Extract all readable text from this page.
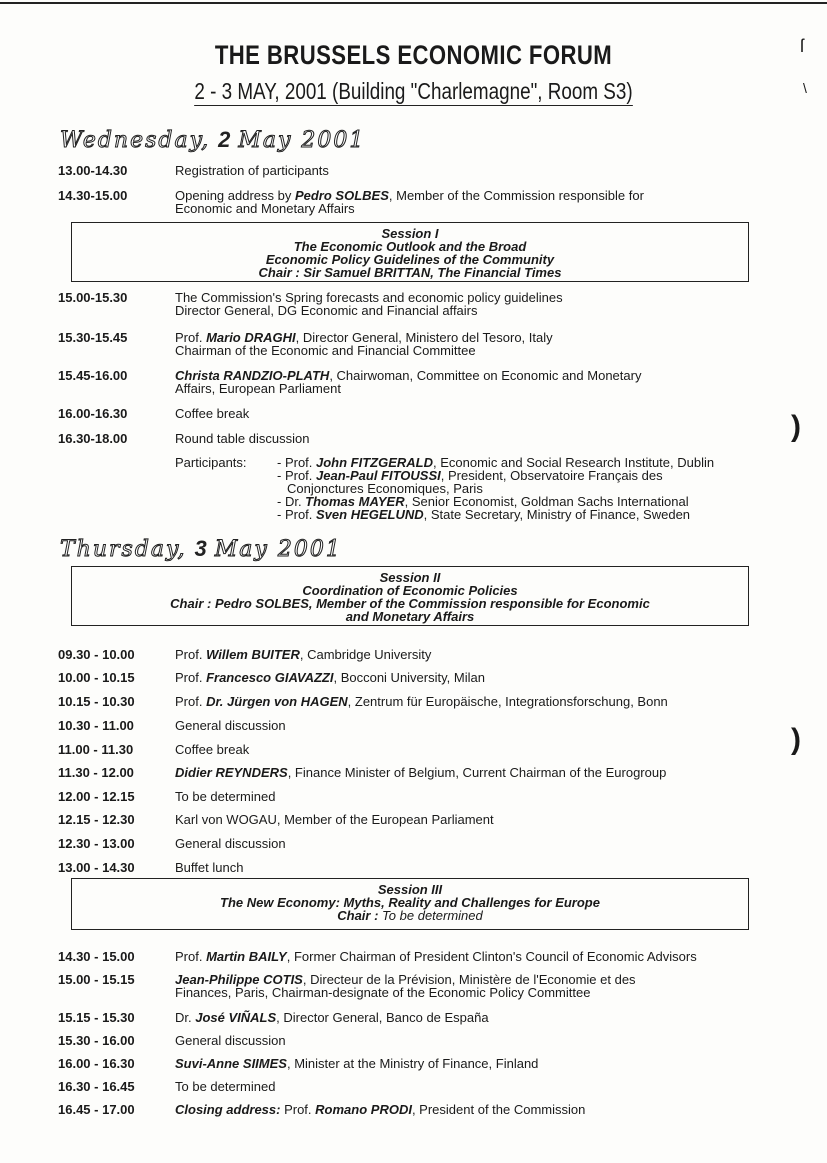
ſ
\
THE BRUSSELS ECONOMIC FORUM
2 - 3 MAY, 2001 (Building "Charlemagne", Room S3)
Wednesday, 2 May 2001
13.00-14.30	Registration of participants
14.30-15.00	Opening address by Pedro SOLBES, Member of the Commission responsible for
Economic and Monetary Affairs
Session I
The Economic Outlook and the Broad
Economic Policy Guidelines of the Community
Chair : Sir Samuel BRITTAN, The Financial Times
15.00-15.30	The Commission's Spring forecasts and economic policy guidelines
Director General, DG Economic and Financial affairs
15.30-15.45	Prof. Mario DRAGHI, Director General, Ministero del Tesoro, Italy
Chairman of the Economic and Financial Committee
15.45-16.00	Christa RANDZIO-PLATH, Chairwoman, Committee on Economic and Monetary
Affairs, European Parliament
16.00-16.30	Coffee break
16.30-18.00	Round table discussion	)
Participants: - Prof. John FITZGERALD, Economic and Social Research Institute, Dublin
- Prof. Jean-Paul FITOUSSI, President, Observatoire Français des
Conjonctures Economiques, Paris
- Dr. Thomas MAYER, Senior Economist, Goldman Sachs International
- Prof. Sven HEGELUND, State Secretary, Ministry of Finance, Sweden
Thursday, 3 May 2001
Session II
Coordination of Economic Policies
Chair : Pedro SOLBES, Member of the Commission responsible for Economic
and Monetary Affairs
09.30 - 10.00	Prof. Willem BUITER, Cambridge University
10.00 - 10.15	Prof. Francesco GIAVAZZI, Bocconi University, Milan
10.15 - 10.30	Prof. Dr. Jürgen von HAGEN, Zentrum für Europäische, Integrationsforschung, Bonn
10.30 - 11.00	General discussion
11.00 - 11.30	Coffee break	)
11.30 - 12.00	Didier REYNDERS, Finance Minister of Belgium, Current Chairman of the Eurogroup
12.00 - 12.15	To be determined
12.15 - 12.30	Karl von WOGAU, Member of the European Parliament
12.30 - 13.00	General discussion
13.00 - 14.30	Buffet lunch
Session III
The New Economy: Myths, Reality and Challenges for Europe
Chair : To be determined
14.30 - 15.00	Prof. Martin BAILY, Former Chairman of President Clinton's Council of Economic Advisors
15.00 - 15.15	Jean-Philippe COTIS, Directeur de la Prévision, Ministère de l'Economie et des
Finances, Paris, Chairman-designate of the Economic Policy Committee
15.15 - 15.30	Dr. José VIÑALS, Director General, Banco de España
15.30 - 16.00	General discussion
16.00 - 16.30	Suvi-Anne SIIMES, Minister at the Ministry of Finance, Finland
16.30 - 16.45	To be determined
16.45 - 17.00	Closing address: Prof. Romano PRODI, President of the Commission
